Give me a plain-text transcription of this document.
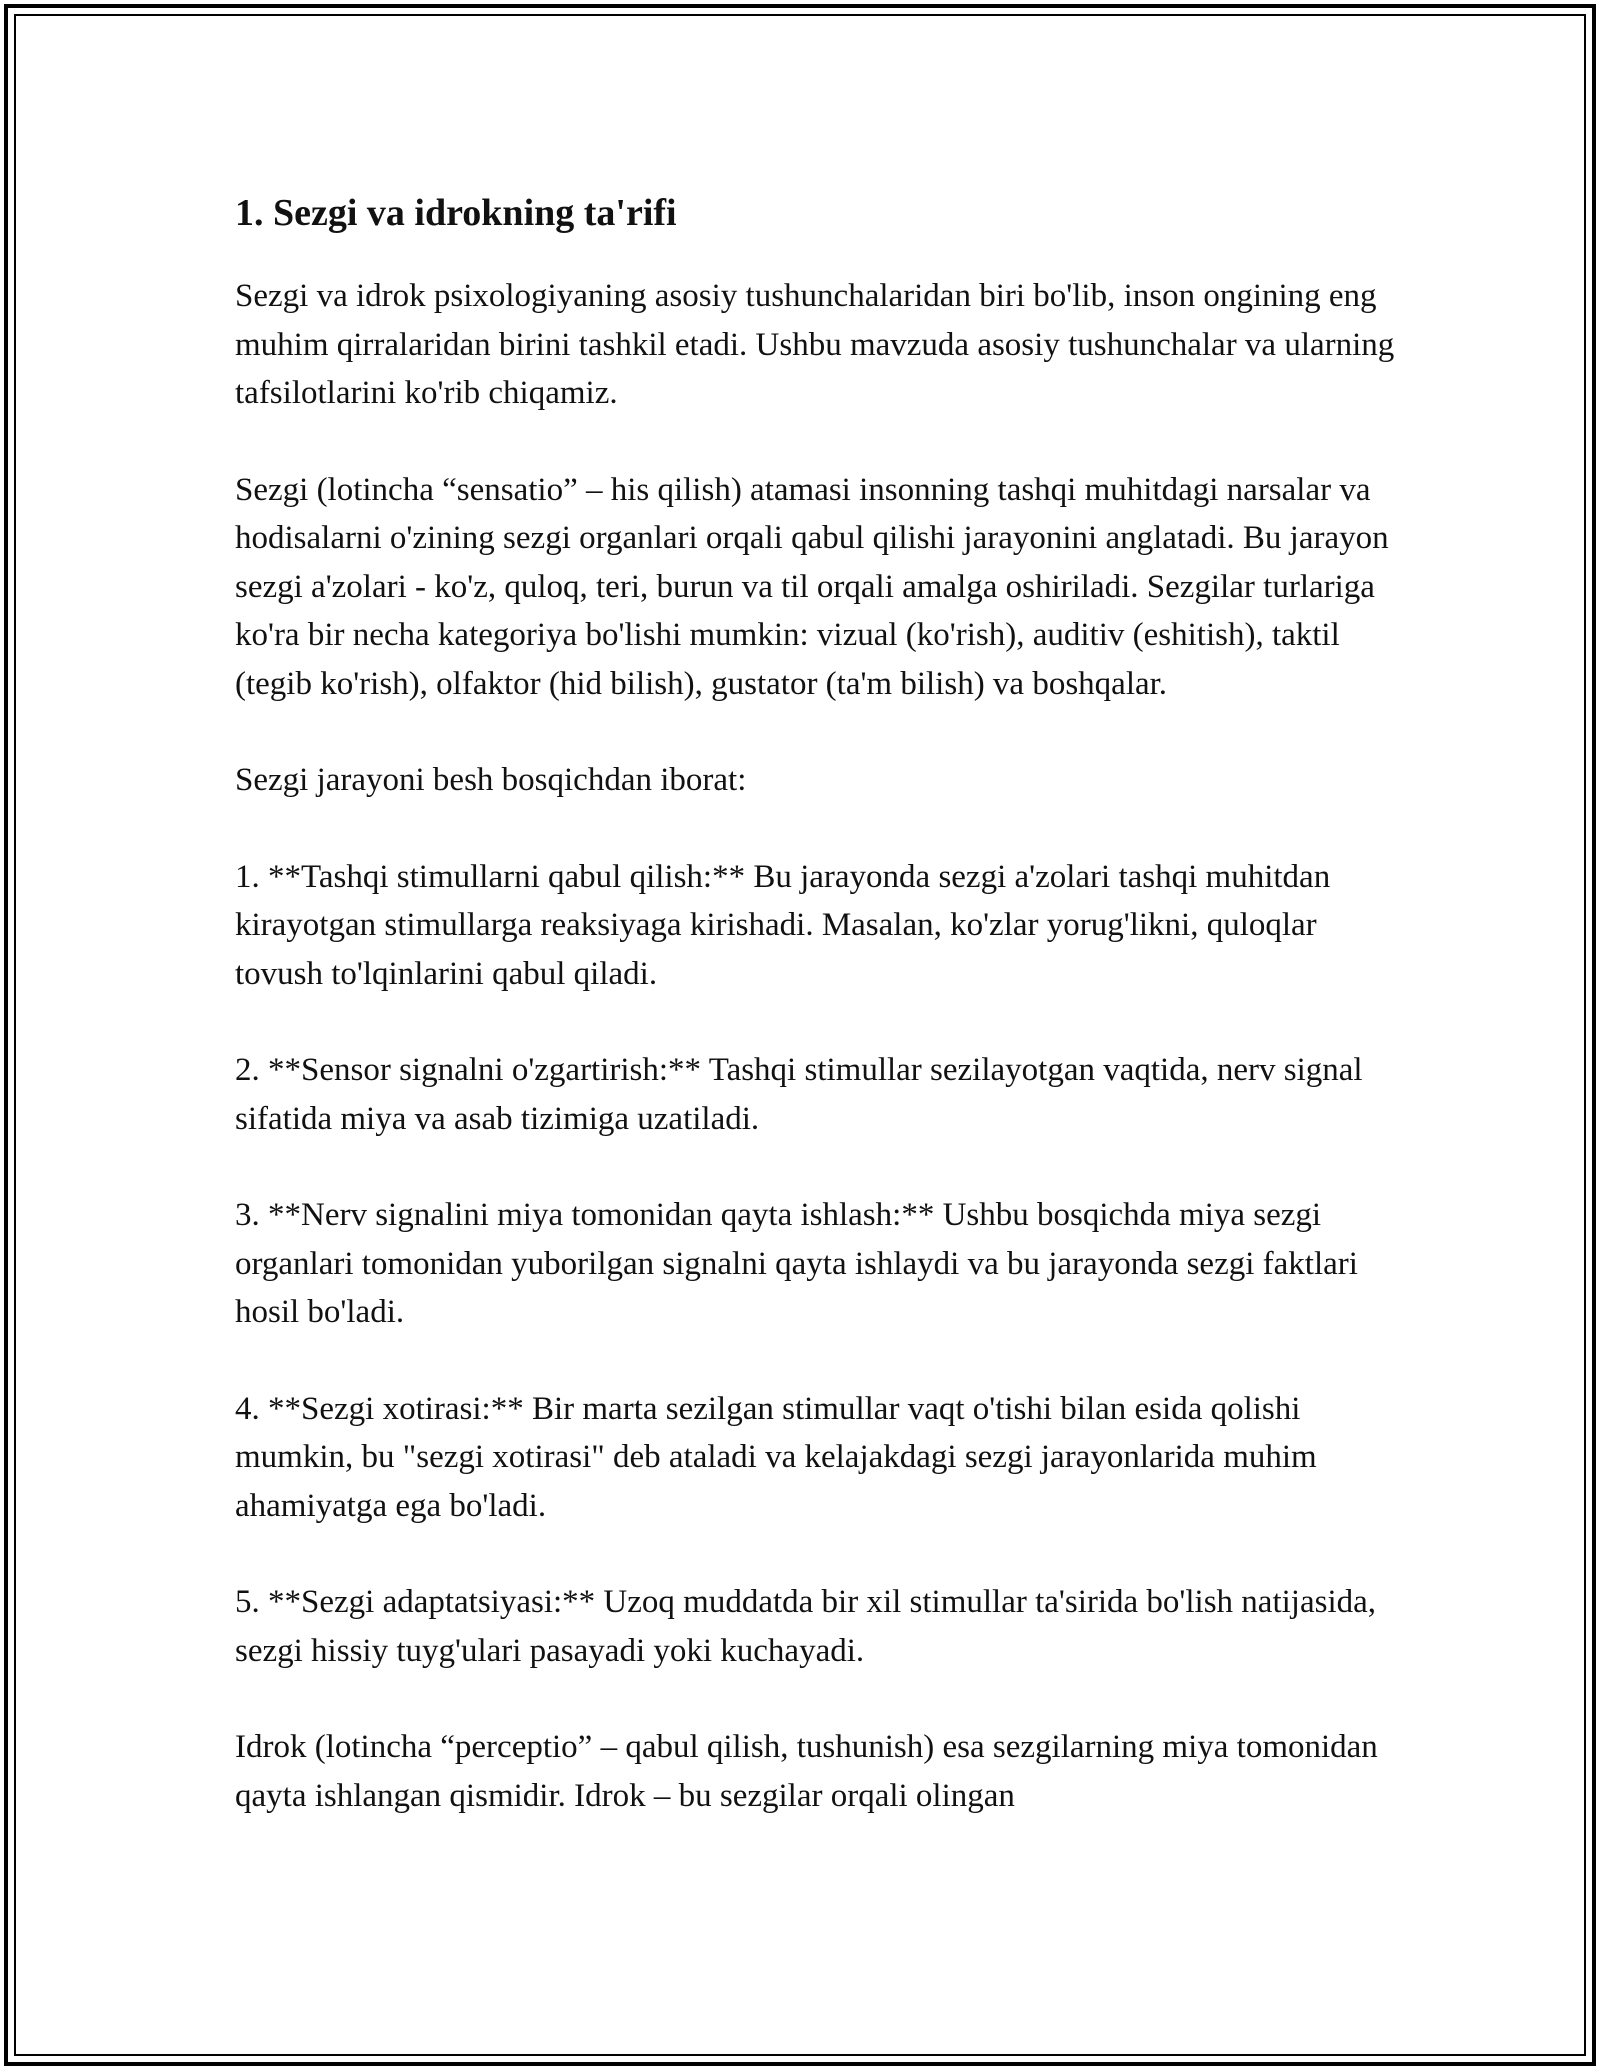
1. Sezgi va idrokning ta'rifi

Sezgi va idrok psixologiyaning asosiy tushunchalaridan biri bo'lib, inson ongining eng muhim qirralaridan birini tashkil etadi. Ushbu mavzuda asosiy tushunchalar va ularning tafsilotlarini ko'rib chiqamiz.

Sezgi (lotincha “sensatio” – his qilish) atamasi insonning tashqi muhitdagi narsalar va hodisalarni o'zining sezgi organlari orqali qabul qilishi jarayonini anglatadi. Bu jarayon sezgi a'zolari - ko'z, quloq, teri, burun va til orqali amalga oshiriladi. Sezgilar turlariga ko'ra bir necha kategoriya bo'lishi mumkin: vizual (ko'rish), auditiv (eshitish), taktil (tegib ko'rish), olfaktor (hid bilish), gustator (ta'm bilish) va boshqalar.

Sezgi jarayoni besh bosqichdan iborat:

1. **Tashqi stimullarni qabul qilish:** Bu jarayonda sezgi a'zolari tashqi muhitdan kirayotgan stimullarga reaksiyaga kirishadi. Masalan, ko'zlar yorug'likni, quloqlar tovush to'lqinlarini qabul qiladi.

2. **Sensor signalni o'zgartirish:** Tashqi stimullar sezilayotgan vaqtida, nerv signal sifatida miya va asab tizimiga uzatiladi.

3. **Nerv signalini miya tomonidan qayta ishlash:** Ushbu bosqichda miya sezgi organlari tomonidan yuborilgan signalni qayta ishlaydi va bu jarayonda sezgi faktlari hosil bo'ladi.

4. **Sezgi xotirasi:** Bir marta sezilgan stimullar vaqt o'tishi bilan esida qolishi mumkin, bu "sezgi xotirasi" deb ataladi va kelajakdagi sezgi jarayonlarida muhim ahamiyatga ega bo'ladi.

5. **Sezgi adaptatsiyasi:** Uzoq muddatda bir xil stimullar ta'sirida bo'lish natijasida, sezgi hissiy tuyg'ulari pasayadi yoki kuchayadi.

Idrok (lotincha “perceptio” – qabul qilish, tushunish) esa sezgilarning miya tomonidan qayta ishlangan qismidir. Idrok – bu sezgilar orqali olingan
